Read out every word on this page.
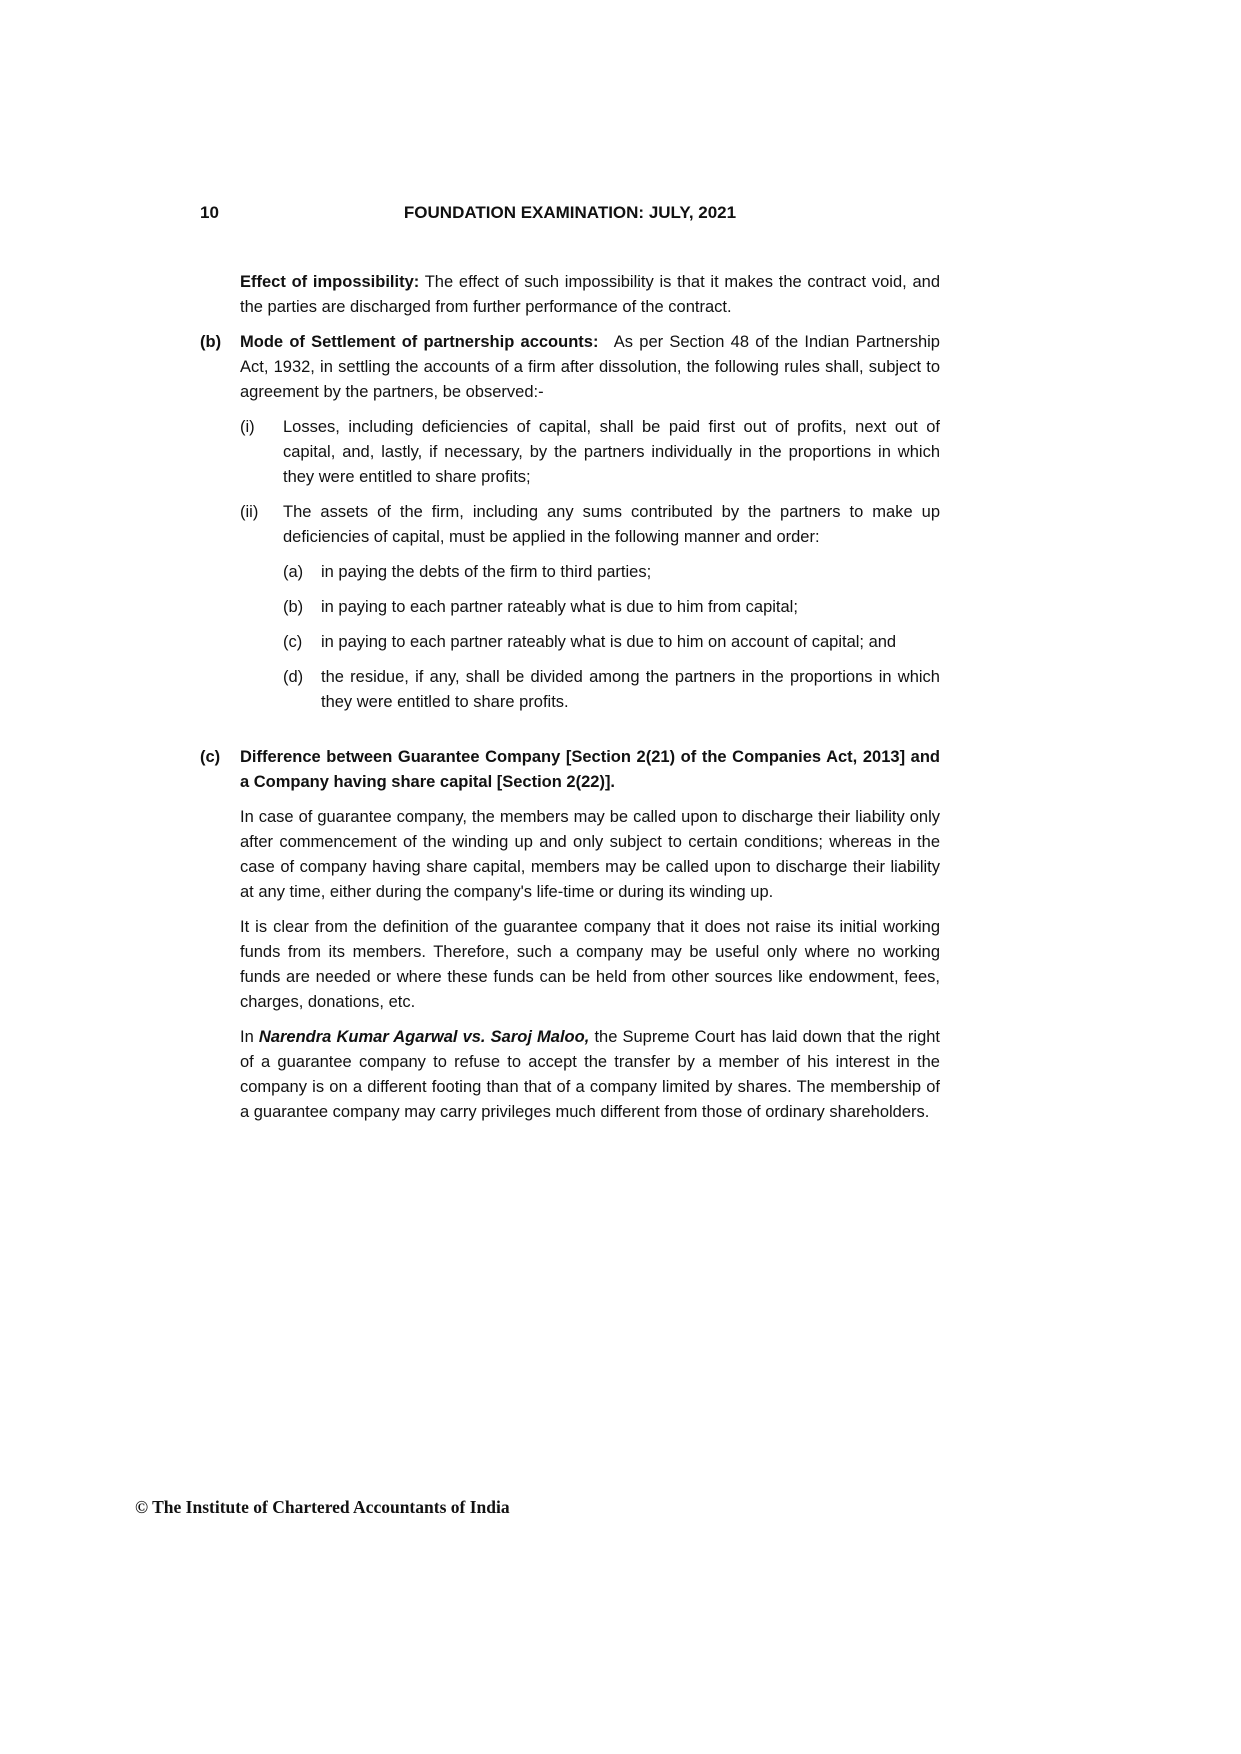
10	FOUNDATION EXAMINATION: JULY, 2021

Effect of impossibility: The effect of such impossibility is that it makes the contract void, and the parties are discharged from further performance of the contract.

(b)	Mode of Settlement of partnership accounts: As per Section 48 of the Indian Partnership Act, 1932, in settling the accounts of a firm after dissolution, the following rules shall, subject to agreement by the partners, be observed:-

(i)	Losses, including deficiencies of capital, shall be paid first out of profits, next out of capital, and, lastly, if necessary, by the partners individually in the proportions in which they were entitled to share profits;

(ii)	The assets of the firm, including any sums contributed by the partners to make up deficiencies of capital, must be applied in the following manner and order:

(a)	in paying the debts of the firm to third parties;

(b)	in paying to each partner rateably what is due to him from capital;

(c)	in paying to each partner rateably what is due to him on account of capital; and

(d)	the residue, if any, shall be divided among the partners in the proportions in which they were entitled to share profits.

(c)	Difference between Guarantee Company [Section 2(21) of the Companies Act, 2013] and a Company having share capital [Section 2(22)].

In case of guarantee company, the members may be called upon to discharge their liability only after commencement of the winding up and only subject to certain conditions; whereas in the case of company having share capital, members may be called upon to discharge their liability at any time, either during the company's life-time or during its winding up.

It is clear from the definition of the guarantee company that it does not raise its initial working funds from its members. Therefore, such a company may be useful only where no working funds are needed or where these funds can be held from other sources like endowment, fees, charges, donations, etc.

In Narendra Kumar Agarwal vs. Saroj Maloo, the Supreme Court has laid down that the right of a guarantee company to refuse to accept the transfer by a member of his interest in the company is on a different footing than that of a company limited by shares. The membership of a guarantee company may carry privileges much different from those of ordinary shareholders.

© The Institute of Chartered Accountants of India
